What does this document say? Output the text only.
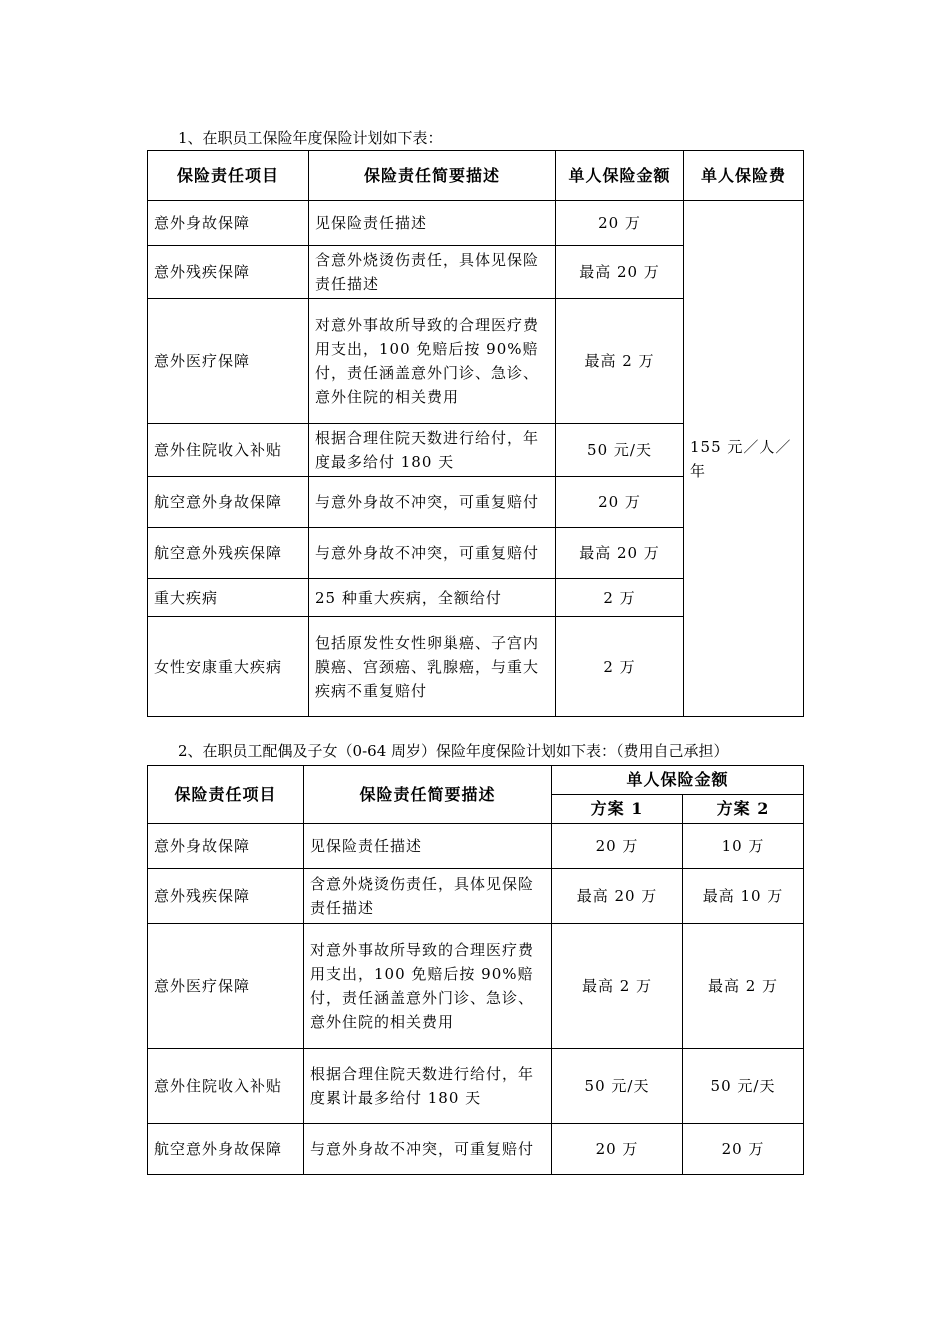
1、在职员工保险年度保险计划如下表：
保险责任项目	保险责任简要描述	单人保险金额	单人保险费
意外身故保障	见保险责任描述	20 万	155 元／人／年
意外残疾保障	含意外烧烫伤责任，具体见保险责任描述	最高 20 万	
意外医疗保障	对意外事故所导致的合理医疗费用支出，100 免赔后按 90%赔付，责任涵盖意外门诊、急诊、意外住院的相关费用	最高 2 万	
意外住院收入补贴	根据合理住院天数进行给付，年度最多给付 180 天	50 元/天	
航空意外身故保障	与意外身故不冲突，可重复赔付	20 万	
航空意外残疾保障	与意外身故不冲突，可重复赔付	最高 20 万	
重大疾病	25 种重大疾病，全额给付	2 万	
女性安康重大疾病	包括原发性女性卵巢癌、子宫内膜癌、宫颈癌、乳腺癌，与重大疾病不重复赔付	2 万	
2、在职员工配偶及子女（0-64 周岁）保险年度保险计划如下表：（费用自己承担）
保险责任项目	保险责任简要描述	单人保险金额	
		方案 1	方案 2
意外身故保障	见保险责任描述	20 万	10 万
意外残疾保障	含意外烧烫伤责任，具体见保险责任描述	最高 20 万	最高 10 万
意外医疗保障	对意外事故所导致的合理医疗费用支出，100 免赔后按 90%赔付，责任涵盖意外门诊、急诊、意外住院的相关费用	最高 2 万	最高 2 万
意外住院收入补贴	根据合理住院天数进行给付，年度累计最多给付 180 天	50 元/天	50 元/天
航空意外身故保障	与意外身故不冲突，可重复赔付	20 万	20 万
